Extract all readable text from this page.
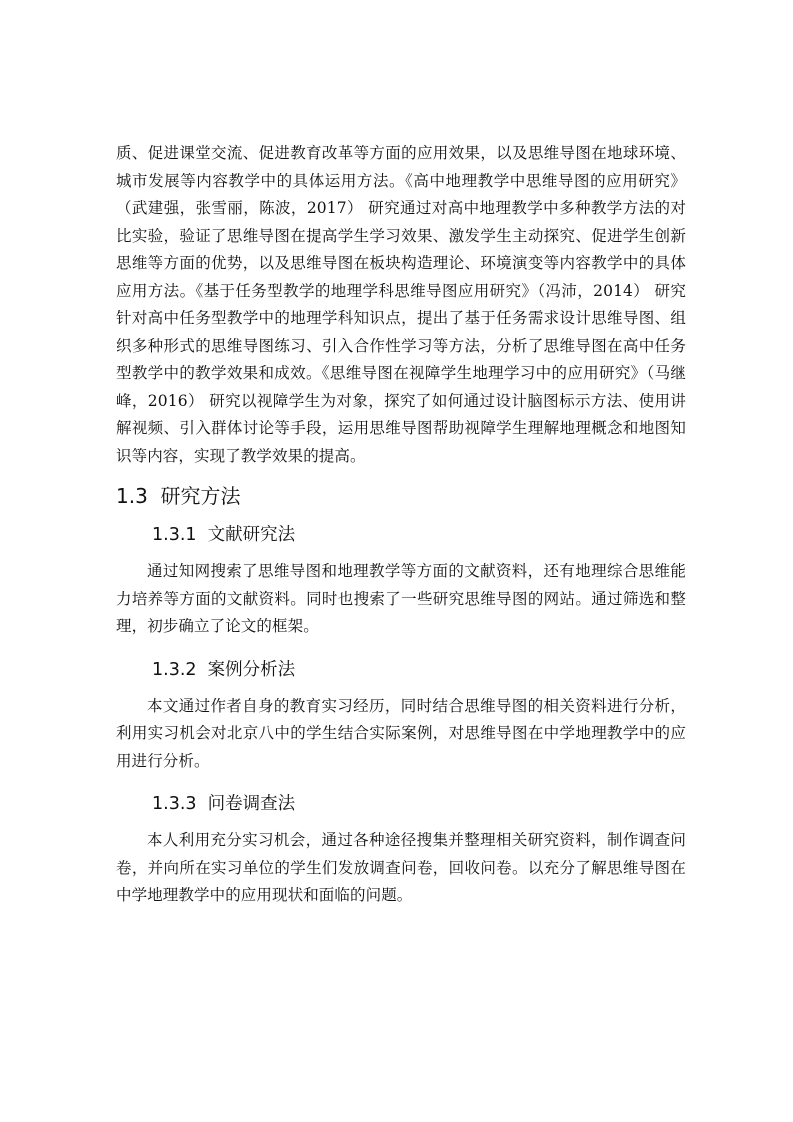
质、促进课堂交流、促进教育改革等方面的应用效果，以及思维导图在地球环境、城市发展等内容教学中的具体运用方法。《高中地理教学中思维导图的应用研究》（武建强，张雪丽，陈波，2017） 研究通过对高中地理教学中多种教学方法的对比实验，验证了思维导图在提高学生学习效果、激发学生主动探究、促进学生创新思维等方面的优势，以及思维导图在板块构造理论、环境演变等内容教学中的具体应用方法。《基于任务型教学的地理学科思维导图应用研究》（冯沛，2014） 研究针对高中任务型教学中的地理学科知识点，提出了基于任务需求设计思维导图、组织多种形式的思维导图练习、引入合作性学习等方法，分析了思维导图在高中任务型教学中的教学效果和成效。《思维导图在视障学生地理学习中的应用研究》（马继峰，2016） 研究以视障学生为对象，探究了如何通过设计脑图标示方法、使用讲解视频、引入群体讨论等手段，运用思维导图帮助视障学生理解地理概念和地图知识等内容，实现了教学效果的提高。

1.3 研究方法
1.3.1 文献研究法

通过知网搜索了思维导图和地理教学等方面的文献资料，还有地理综合思维能力培养等方面的文献资料。同时也搜索了一些研究思维导图的网站。通过筛选和整理，初步确立了论文的框架。

1.3.2 案例分析法

本文通过作者自身的教育实习经历，同时结合思维导图的相关资料进行分析，利用实习机会对北京八中的学生结合实际案例，对思维导图在中学地理教学中的应用进行分析。

1.3.3 问卷调查法

本人利用充分实习机会，通过各种途径搜集并整理相关研究资料，制作调查问卷，并向所在实习单位的学生们发放调查问卷，回收问卷。以充分了解思维导图在中学地理教学中的应用现状和面临的问题。
